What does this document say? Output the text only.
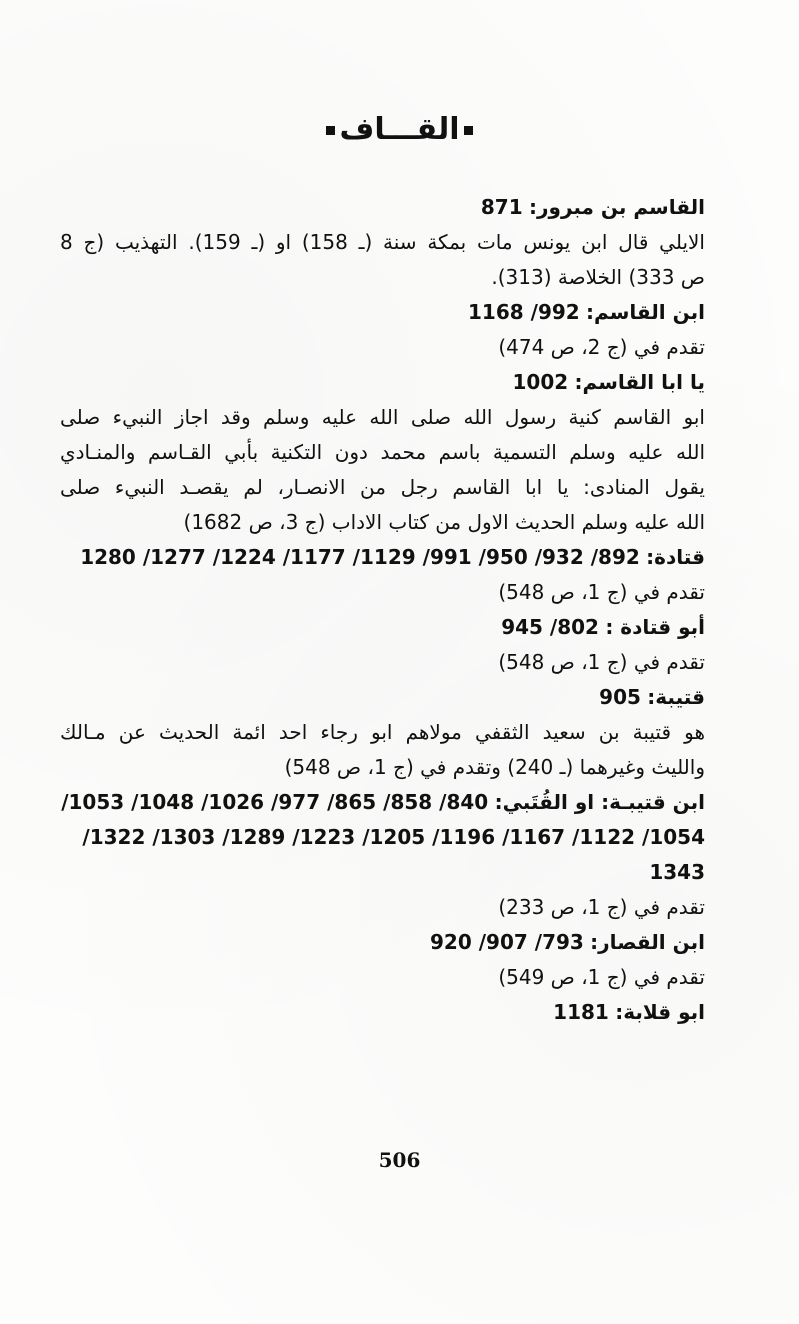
القـــاف
القاسم بن مبرور: 871
الايلي قال ابن يونس مات بمكة سنة (ـ 158) او (ـ 159). التهذيب (ج 8
ص 333) الخلاصة (313).
ابن القاسم: 992/ 1168
تقدم في (ج 2، ص 474)
يا ابا القاسم: 1002
ابو القاسم كنية رسول الله صلى الله عليه وسلم وقد اجاز النبيء صلى
الله عليه وسلم التسمية باسم محمد دون التكنية بأبي القـاسم والمنـادي
يقول المنادى: يا ابا القاسم رجل من الانصـار، لم يقصـد النبيء صلى
الله عليه وسلم الحديث الاول من كتاب الاداب (ج 3، ص 1682)
قتادة: 892/ 932/ 950/ 991/ 1129/ 1177/ 1224/ 1277/ 1280
تقدم في (ج 1، ص 548)
أبو قتادة : 802/ 945
تقدم في (ج 1، ص 548)
قتيبة: 905
هو قتيبة بن سعيد الثقفي مولاهم ابو رجاء احد ائمة الحديث عن مـالك
والليث وغيرهما (ـ 240) وتقدم في (ج 1، ص 548)
ابن قتيبـة: او القُتَبي: 840/ 858/ 865/ 977/ 1026/ 1048/ 1053/
1054/ 1122/ 1167/ 1196/ 1205/ 1223/ 1289/ 1303/ 1322/
1343
تقدم في (ج 1، ص 233)
ابن القصار: 793/ 907/ 920
تقدم في (ج 1، ص 549)
ابو قلابة: 1181
506
